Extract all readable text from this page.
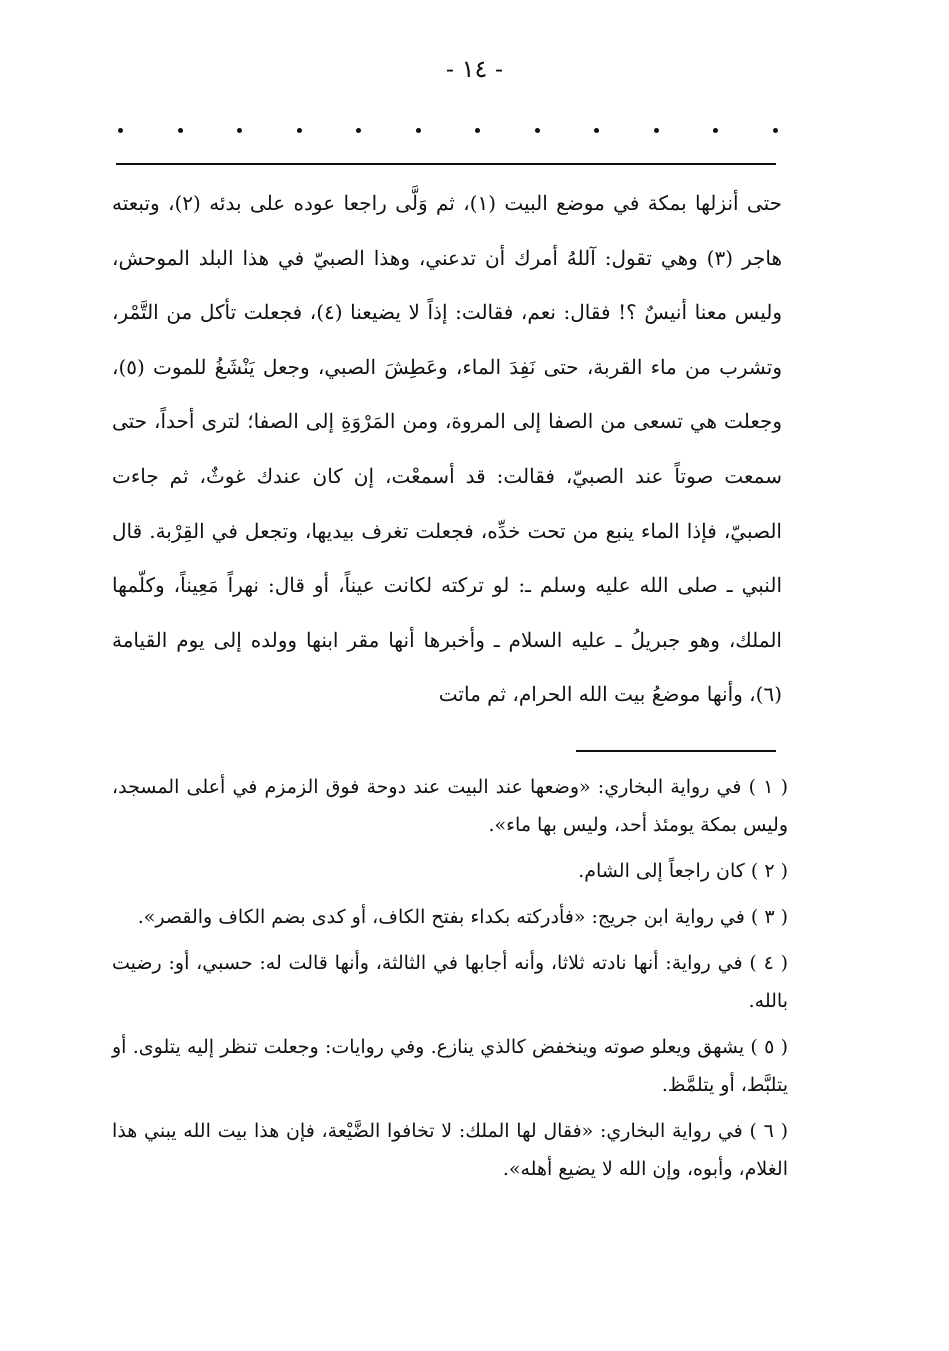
- ١٤ -
حتى أنزلها بمكة في موضع البيت (١)، ثم وَلَّى راجعا عوده على بدئه (٢)، وتبعته هاجر (٣) وهي تقول: آللهُ أمرك أن تدعني، وهذا الصبيّ في هذا البلد الموحش، وليس معنا أنيسٌ ؟! فقال: نعم، فقالت: إذاً لا يضيعنا (٤)، فجعلت تأكل من التَّمْر، وتشرب من ماء القربة، حتى نَفِدَ الماء، وعَطِشَ الصبي، وجعل يَنْشَغُ للموت (٥)، وجعلت هي تسعى من الصفا إلى المروة، ومن المَرْوَةِ إلى الصفا؛ لترى أحداً، حتى سمعت صوتاً عند الصبيّ، فقالت: قد أسمعْت، إن كان عندك غوثٌ، ثم جاءت الصبيّ، فإذا الماء ينبع من تحت خدِّه، فجعلت تغرف بيديها، وتجعل في القِرْبة. قال النبي ـ صلى الله عليه وسلم ـ: لو تركته لكانت عيناً، أو قال: نهراً مَعِيناً، وكلّمها الملك، وهو جبريلُ ـ عليه السلام ـ وأخبرها أنها مقر ابنها وولده إلى يوم القيامة (٦)، وأنها موضعُ بيت الله الحرام، ثم ماتت

( ١ ) في رواية البخاري: «وضعها عند البيت عند دوحة فوق الزمزم في أعلى المسجد، وليس بمكة يومئذ أحد، وليس بها ماء».

( ٢ ) كان راجعاً إلى الشام.

( ٣ ) في رواية ابن جريج: «فأدركته بكداء بفتح الكاف، أو كدى بضم الكاف والقصر».

( ٤ ) في رواية: أنها نادته ثلاثا، وأنه أجابها في الثالثة، وأنها قالت له: حسبي، أو: رضيت بالله.

( ٥ ) يشهق ويعلو صوته وينخفض كالذي ينازع. وفي روايات: وجعلت تنظر إليه يتلوى. أو يتلبَّط، أو يتلمَّظ.

( ٦ ) في رواية البخاري: «فقال لها الملك: لا تخافوا الضَّيْعة، فإن هذا بيت الله يبني هذا الغلام، وأبوه، وإن الله لا يضيع أهله».
